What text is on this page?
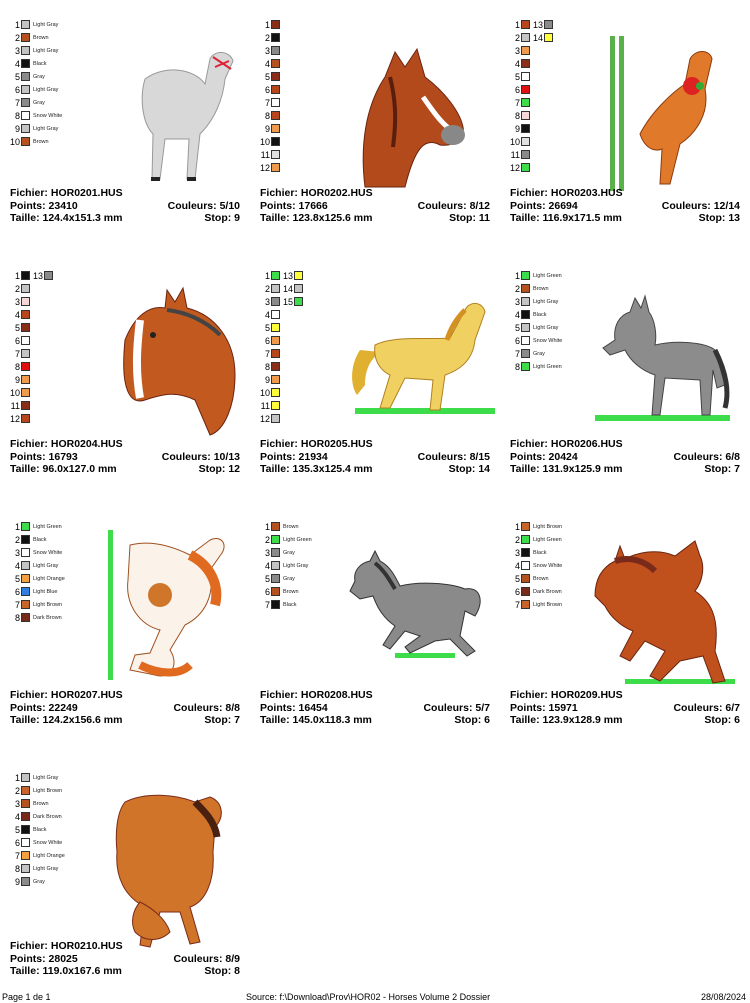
1 Light Gray
2 Brown
3 Light Gray
4 Black
5 Gray
6 Light Gray
7 Gray
8 Snow White
9 Light Gray
10 Brown
Fichier: HOR0201.HUS
Points: 23410	Couleurs: 5/10
Taille: 124.4x151.3 mm	Stop: 9
1
2
3
4
5
6
7
8
9
10
11
12
Fichier: HOR0202.HUS
Points: 17666	Couleurs: 8/12
Taille: 123.8x125.6 mm	Stop: 11
1
2
3
4
5
6
7
8
9
10
11
12
13
14
Fichier: HOR0203.HUS
Points: 26694	Couleurs: 12/14
Taille: 116.9x171.5 mm	Stop: 13
1
2
3
4
5
6
7
8
9
10
11
12
13
Fichier: HOR0204.HUS
Points: 16793	Couleurs: 10/13
Taille: 96.0x127.0 mm	Stop: 12
1
2
3
4
5
6
7
8
9
10
11
12
13
14
15
Fichier: HOR0205.HUS
Points: 21934	Couleurs: 8/15
Taille: 135.3x125.4 mm	Stop: 14
1 Light Green
2 Brown
3 Light Gray
4 Black
5 Light Gray
6 Snow White
7 Gray
8 Light Green
Fichier: HOR0206.HUS
Points: 20424	Couleurs: 6/8
Taille: 131.9x125.9 mm	Stop: 7
1 Light Green
2 Black
3 Snow White
4 Light Gray
5 Light Orange
6 Light Blue
7 Light Brown
8 Dark Brown
Fichier: HOR0207.HUS
Points: 22249	Couleurs: 8/8
Taille: 124.2x156.6 mm	Stop: 7
1 Brown
2 Light Green
3 Gray
4 Light Gray
5 Gray
6 Brown
7 Black
Fichier: HOR0208.HUS
Points: 16454	Couleurs: 5/7
Taille: 145.0x118.3 mm	Stop: 6
1 Light Brown
2 Light Green
3 Black
4 Snow White
5 Brown
6 Dark Brown
7 Light Brown
Fichier: HOR0209.HUS
Points: 15971	Couleurs: 6/7
Taille: 123.9x128.9 mm	Stop: 6
1 Light Gray
2 Light Brown
3 Brown
4 Dark Brown
5 Black
6 Snow White
7 Light Orange
8 Light Gray
9 Gray
Fichier: HOR0210.HUS
Points: 28025	Couleurs: 8/9
Taille: 119.0x167.6 mm	Stop: 8
Page 1 de 1	Source: f:\Download\Prov\HOR02 - Horses Volume 2 Dossier	28/08/2024
